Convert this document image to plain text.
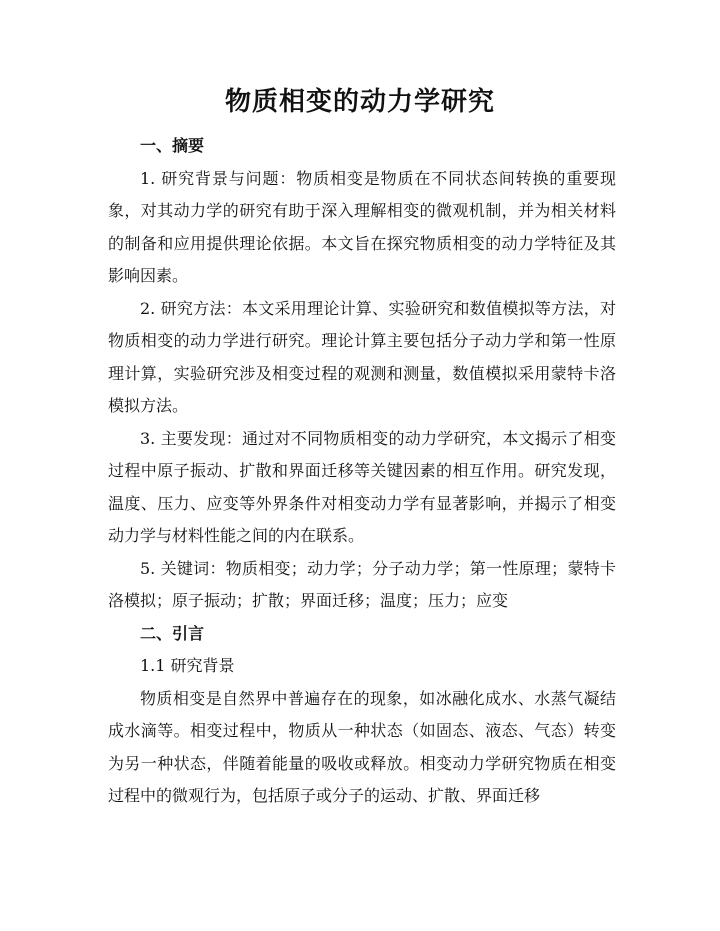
物质相变的动力学研究

一、摘要

1. 研究背景与问题：物质相变是物质在不同状态间转换的重要现象，对其动力学的研究有助于深入理解相变的微观机制，并为相关材料的制备和应用提供理论依据。本文旨在探究物质相变的动力学特征及其影响因素。

2. 研究方法：本文采用理论计算、实验研究和数值模拟等方法，对物质相变的动力学进行研究。理论计算主要包括分子动力学和第一性原理计算，实验研究涉及相变过程的观测和测量，数值模拟采用蒙特卡洛模拟方法。

3. 主要发现：通过对不同物质相变的动力学研究，本文揭示了相变过程中原子振动、扩散和界面迁移等关键因素的相互作用。研究发现，温度、压力、应变等外界条件对相变动力学有显著影响，并揭示了相变动力学与材料性能之间的内在联系。

5. 关键词：物质相变；动力学；分子动力学；第一性原理；蒙特卡洛模拟；原子振动；扩散；界面迁移；温度；压力；应变

二、引言

1.1 研究背景

物质相变是自然界中普遍存在的现象，如冰融化成水、水蒸气凝结成水滴等。相变过程中，物质从一种状态（如固态、液态、气态）转变为另一种状态，伴随着能量的吸收或释放。相变动力学研究物质在相变过程中的微观行为，包括原子或分子的运动、扩散、界面迁移
